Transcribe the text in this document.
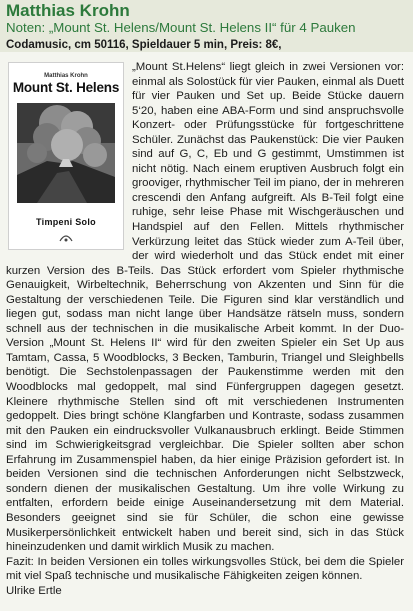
Matthias Krohn

Noten: „Mount St. Helens/Mount St. Helens II“ für 4 Pauken

Codamusic, cm 50116, Spieldauer 5 min, Preis: 8€,

Matthias Krohn
Mount St. Helens
Timpeni Solo

„Mount St.Helens“ liegt gleich in zwei Versionen vor: einmal als Solostück für vier Pauken, einmal als Duett für vier Pauken und Set up. Beide Stücke dauern 5‘20, haben eine ABA-Form und sind anspruchsvolle Konzert- oder Prüfungsstücke für fortgeschrittene Schüler. Zunächst das Paukenstück: Die vier Pauken sind auf G, C, Eb und G gestimmt, Umstimmen ist nicht nötig. Nach einem eruptiven Ausbruch folgt ein grooviger, rhythmischer Teil im piano, der in mehreren crescendi den Anfang aufgreift. Als B-Teil folgt eine ruhige, sehr leise Phase mit Wischgeräuschen und Handspiel auf den Fellen. Mittels rhythmischer Verkürzung leitet das Stück wieder zum A-Teil über, der wird wiederholt und das Stück endet mit einer kurzen Version des B-Teils. Das Stück erfordert vom Spieler rhythmische Genauigkeit, Wirbeltechnik, Beherrschung von Akzenten und Sinn für die Gestaltung der verschiedenen Teile. Die Figuren sind klar verständlich und liegen gut, sodass man nicht lange über Handsätze rätseln muss, sondern schnell aus der technischen in die musikalische Arbeit kommt. In der Duo-Version „Mount St. Helens II“ wird für den zweiten Spieler ein Set Up aus Tamtam, Cassa, 5 Woodblocks, 3 Becken, Tamburin, Triangel und Sleighbells benötigt. Die Sechstolenpassagen der Paukenstimme werden mit den Woodblocks mal gedoppelt, mal sind Fünfergruppen dagegen gesetzt. Kleinere rhythmische Stellen sind oft mit verschiedenen Instrumenten gedoppelt. Dies bringt schöne Klangfarben und Kontraste, sodass zusammen mit den Pauken ein eindrucksvoller Vulkanausbruch erklingt. Beide Stimmen sind im Schwierigkeitsgrad vergleichbar. Die Spieler sollten aber schon Erfahrung im Zusammenspiel haben, da hier einige Präzision gefordert ist. In beiden Versionen sind die technischen Anforderungen nicht Selbstzweck, sondern dienen der musikalischen Gestaltung. Um ihre volle Wirkung zu entfalten, erfordern beide einige Auseinandersetzung mit dem Material. Besonders geeignet sind sie für Schüler, die schon eine gewisse Musikerpersönlichkeit entwickelt haben und bereit sind, sich in das Stück hineinzudenken und damit wirklich Musik zu machen.

Fazit: In beiden Versionen ein tolles wirkungsvolles Stück, bei dem die Spieler mit viel Spaß technische und musikalische Fähigkeiten zeigen können.

Ulrike Ertle
